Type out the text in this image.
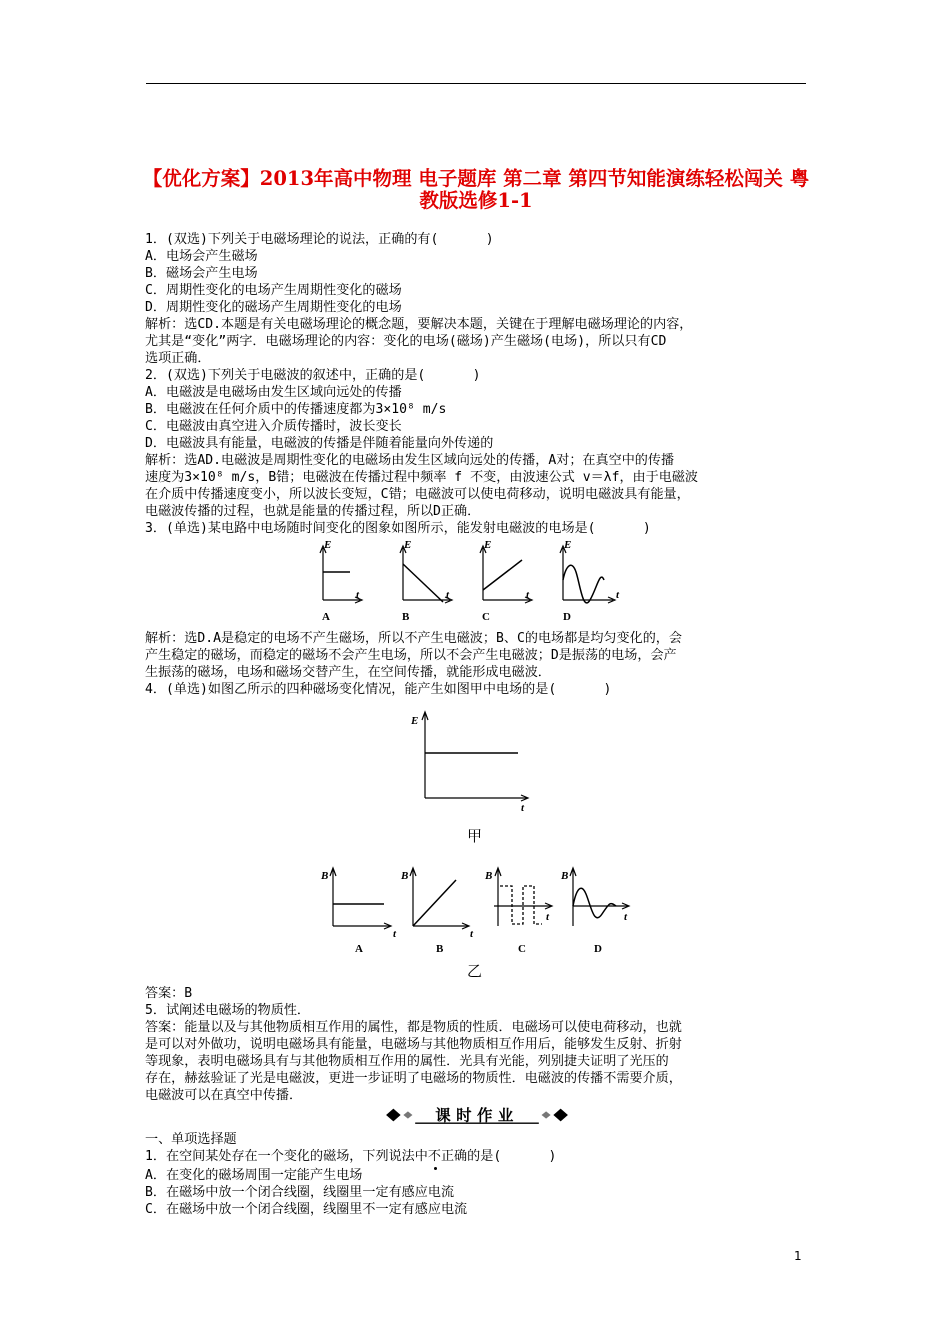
【优化方案】2013年高中物理 电子题库 第二章 第四节知能演练轻松闯关 粤教版选修1-1
1．(双选)下列关于电磁场理论的说法，正确的有(      )
A．电场会产生磁场
B．磁场会产生电场
C．周期性变化的电场产生周期性变化的磁场
D．周期性变化的磁场产生周期性变化的电场
解析：选CD.本题是有关电磁场理论的概念题，要解决本题，关键在于理解电磁场理论的内容，
尤其是“变化”两字．电磁场理论的内容：变化的电场(磁场)产生磁场(电场)，所以只有CD
选项正确．
2．(双选)下列关于电磁波的叙述中，正确的是(      )
A．电磁波是电磁场由发生区域向远处的传播
B．电磁波在任何介质中的传播速度都为3×10⁸ m/s
C．电磁波由真空进入介质传播时，波长变长
D．电磁波具有能量，电磁波的传播是伴随着能量向外传递的
解析：选AD.电磁波是周期性变化的电磁场由发生区域向远处的传播，A对；在真空中的传播
速度为3×10⁸ m/s，B错；电磁波在传播过程中频率 f 不变，由波速公式 v＝λf，由于电磁波
在介质中传播速度变小，所以波长变短，C错；电磁波可以使电荷移动，说明电磁波具有能量，
电磁波传播的过程，也就是能量的传播过程，所以D正确．
3．(单选)某电路中电场随时间变化的图象如图所示，能发射电磁波的电场是(      )
E
t
E
t
E
t
E
t
A	B	C	D
解析：选D.A是稳定的电场不产生磁场，所以不产生电磁波；B、C的电场都是均匀变化的，会
产生稳定的磁场，而稳定的磁场不会产生电场，所以不会产生电磁波；D是振荡的电场，会产
生振荡的磁场，电场和磁场交替产生，在空间传播，就能形成电磁波．
4．(单选)如图乙所示的四种磁场变化情况，能产生如图甲中电场的是(      )
E
t
甲
B
t
B
t
B
t
B
t
A	B	C	D
乙
答案：B
5．试阐述电磁场的物质性．
答案：能量以及与其他物质相互作用的属性，都是物质的性质．电磁场可以使电荷移动，也就
是可以对外做功，说明电磁场具有能量，电磁场与其他物质相互作用后，能够发生反射、折射
等现象，表明电磁场具有与其他物质相互作用的属性．光具有光能，列别捷夫证明了光压的
存在，赫兹验证了光是电磁波，更进一步证明了电磁场的物质性．电磁波的传播不需要介质，
电磁波可以在真空中传播．
课时作业
一、单项选择题
1．在空间某处存在一个变化的磁场，下列说法中不正确的是(      )
A．在变化的磁场周围一定能产生电场
B．在磁场中放一个闭合线圈，线圈里一定有感应电流
C．在磁场中放一个闭合线圈，线圈里不一定有感应电流
1
